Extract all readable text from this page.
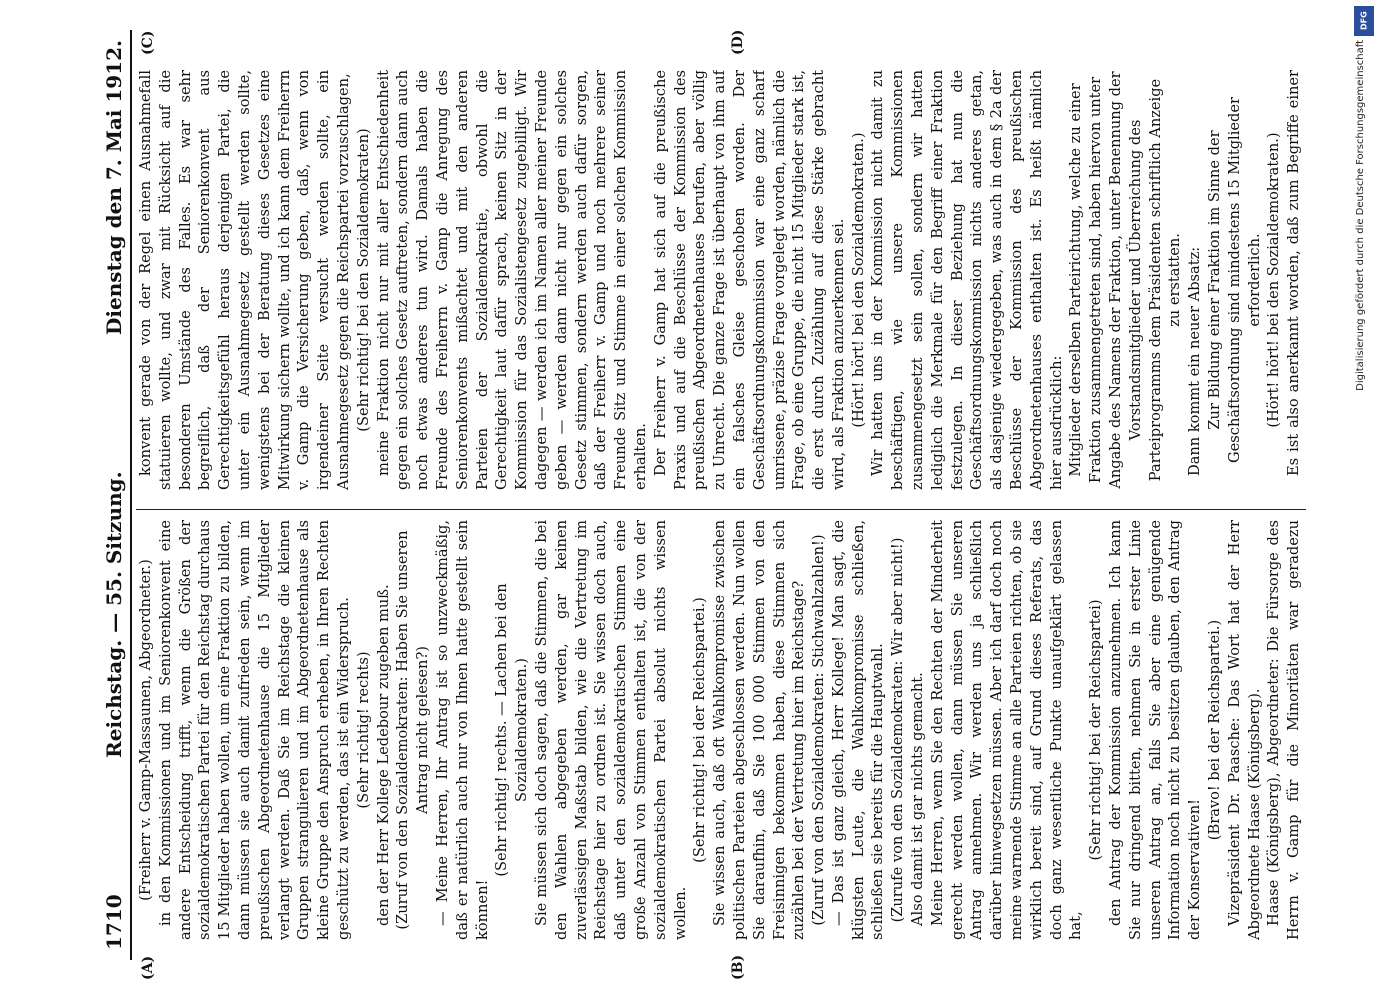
1710
Reichstag. — 55. Sitzung.
Dienstag den 7. Mai 1912.
(A)	(B)
(C)	(D)

(Freiherr v. Gamp-Massaunen, Abgeordneter.) in den Kommissionen und im Seniorenkonvent eine andere Entscheidung trifft, wenn die Größen der sozialdemokratischen Partei für den Reichstag durchaus 15 Mitglieder haben wollen, um eine Fraktion zu bilden, dann müssen sie auch damit zufrieden sein, wenn im preußischen Abgeordnetenhause die 15 Mitglieder verlangt werden. Daß Sie im Reichstage die kleinen Gruppen strangulieren und im Abgeordnetenhause als kleine Gruppe den Anspruch erheben, in Ihren Rechten geschützt zu werden, das ist ein Widerspruch. (Sehr richtig! rechts) den der Herr Kollege Ledebour zugeben muß. (Zuruf von den Sozialdemokraten: Haben Sie unseren Antrag nicht gelesen?) — Meine Herren, Ihr Antrag ist so unzweckmäßig, daß er natürlich auch nur von Ihnen hatte gestellt sein können!

(Sehr richtig! rechts. — Lachen bei den Sozialdemokraten.) Sie müssen sich doch sagen, daß die Stimmen, die bei den Wahlen abgegeben werden, gar keinen zuverlässigen Maßstab bilden, wie die Vertretung im Reichstage hier zu ordnen ist. Sie wissen doch auch, daß unter den sozialdemokratischen Stimmen eine große Anzahl von Stimmen enthalten ist, die von der sozialdemokratischen Partei absolut nichts wissen wollen.

(Sehr richtig! bei der Reichspartei.) Sie wissen auch, daß oft Wahlkompromisse zwischen politischen Parteien abgeschlossen werden. Nun wollen Sie daraufhin, daß Sie 100 000 Stimmen von den Freisinnigen bekommen haben, diese Stimmen sich zuzählen bei der Vertretung hier im Reichstage? (Zuruf von den Sozialdemokraten: Stichwahlzahlen!) — Das ist ganz gleich, Herr Kollege! Man sagt, die klügsten Leute, die Wahlkompromisse schließen, schließen sie bereits für die Hauptwahl. (Zurufe von den Sozialdemokraten: Wir aber nicht!) Also damit ist gar nichts gemacht. Meine Herren, wenn Sie den Rechten der Minderheit gerecht werden wollen, dann müssen Sie unseren Antrag annehmen. Wir werden uns ja schließlich darüber hinwegsetzen müssen. Aber ich darf doch noch meine warnende Stimme an alle Parteien richten, ob sie wirklich bereit sind, auf Grund dieses Referats, das doch ganz wesentliche Punkte unaufgeklärt gelassen hat,

(Sehr richtig! bei der Reichspartei) den Antrag der Kommission anzunehmen. Ich kann Sie nur dringend bitten, nehmen Sie in erster Linie unseren Antrag an, falls Sie aber eine genügende Information noch nicht zu besitzen glauben, den Antrag der Konservativen!

(Bravo! bei der Reichspartei.) Vizepräsident Dr. Paasche: Das Wort hat der Herr Abgeordnete Haase (Königsberg). Haase (Königsberg), Abgeordneter: Die Fürsorge des Herrn v. Gamp für die Minoritäten war geradezu

konvent gerade von der Regel einen Ausnahmefall statuieren wollte, und zwar mit Rücksicht auf die besonderen Umstände des Falles. Es war sehr begreiflich, daß der Seniorenkonvent aus Gerechtigkeitsgefühl heraus derjenigen Partei, die unter ein Ausnahmegesetz gestellt werden sollte, wenigstens bei der Beratung dieses Gesetzes eine Mitwirkung sichern wollte, und ich kann dem Freiherrn v. Gamp die Versicherung geben, daß, wenn von irgendeiner Seite versucht werden sollte, ein Ausnahmegesetz gegen die Reichspartei vorzuschlagen, (Sehr richtig! bei den Sozialdemokraten) meine Fraktion nicht nur mit aller Entschiedenheit gegen ein solches Gesetz auftreten, sondern dann auch noch etwas anderes tun wird. Damals haben die Freunde des Freiherrn v. Gamp die Anregung des Seniorenkonvents mißachtet und mit den anderen Parteien der Sozialdemokratie, obwohl die Gerechtigkeit laut dafür sprach, keinen Sitz in der Kommission für das Sozialistengesetz zugebilligt. Wir dagegen — werden ich im Namen aller meiner Freunde geben — werden dann nicht nur gegen ein solches Gesetz stimmen, sondern werden auch dafür sorgen, daß der Freiherr v. Gamp und noch mehrere seiner Freunde Sitz und Stimme in einer solchen Kommission erhalten. Der Freiherr v. Gamp hat sich auf die preußische Praxis und auf die Beschlüsse der Kommission des preußischen Abgeordnetenhauses berufen, aber völlig zu Unrecht. Die ganze Frage ist überhaupt von ihm auf ein falsches Gleise geschoben worden. Der Geschäftsordnungskommission war eine ganz scharf umrissene, präzise Frage vorgelegt worden, nämlich die Frage, ob eine Gruppe, die nicht 15 Mitglieder stark ist, die erst durch Zuzählung auf diese Stärke gebracht wird, als Fraktion anzuerkennen sei. (Hört! hört! bei den Sozialdemokraten.) Wir hatten uns in der Kommission nicht damit zu beschäftigen, wie unsere Kommissionen zusammengesetzt sein sollen, sondern wir hatten lediglich die Merkmale für den Begriff einer Fraktion festzulegen. In dieser Beziehung hat nun die Geschäftsordnungskommission nichts anderes getan, als dasjenige wiedergegeben, was auch in dem § 2a der Beschlüsse der Kommission des preußischen Abgeordnetenhauses enthalten ist. Es heißt nämlich hier ausdrücklich: Mitglieder derselben Parteirichtung, welche zu einer Fraktion zusammengetreten sind, haben hiervon unter Angabe des Namens der Fraktion, unter Benennung der Vorstandsmitglieder und Überreichung des Parteiprogramms dem Präsidenten schriftlich Anzeige zu erstatten. Dann kommt ein neuer Absatz: Zur Bildung einer Fraktion im Sinne der Geschäftsordnung sind mindestens 15 Mitglieder erforderlich. (Hört! hört! bei den Sozialdemokraten.)

Es ist also anerkannt worden, daß zum Begriffe einer

DFG
Digitalisierung gefördert durch die Deutsche Forschungsgemeinschaft
